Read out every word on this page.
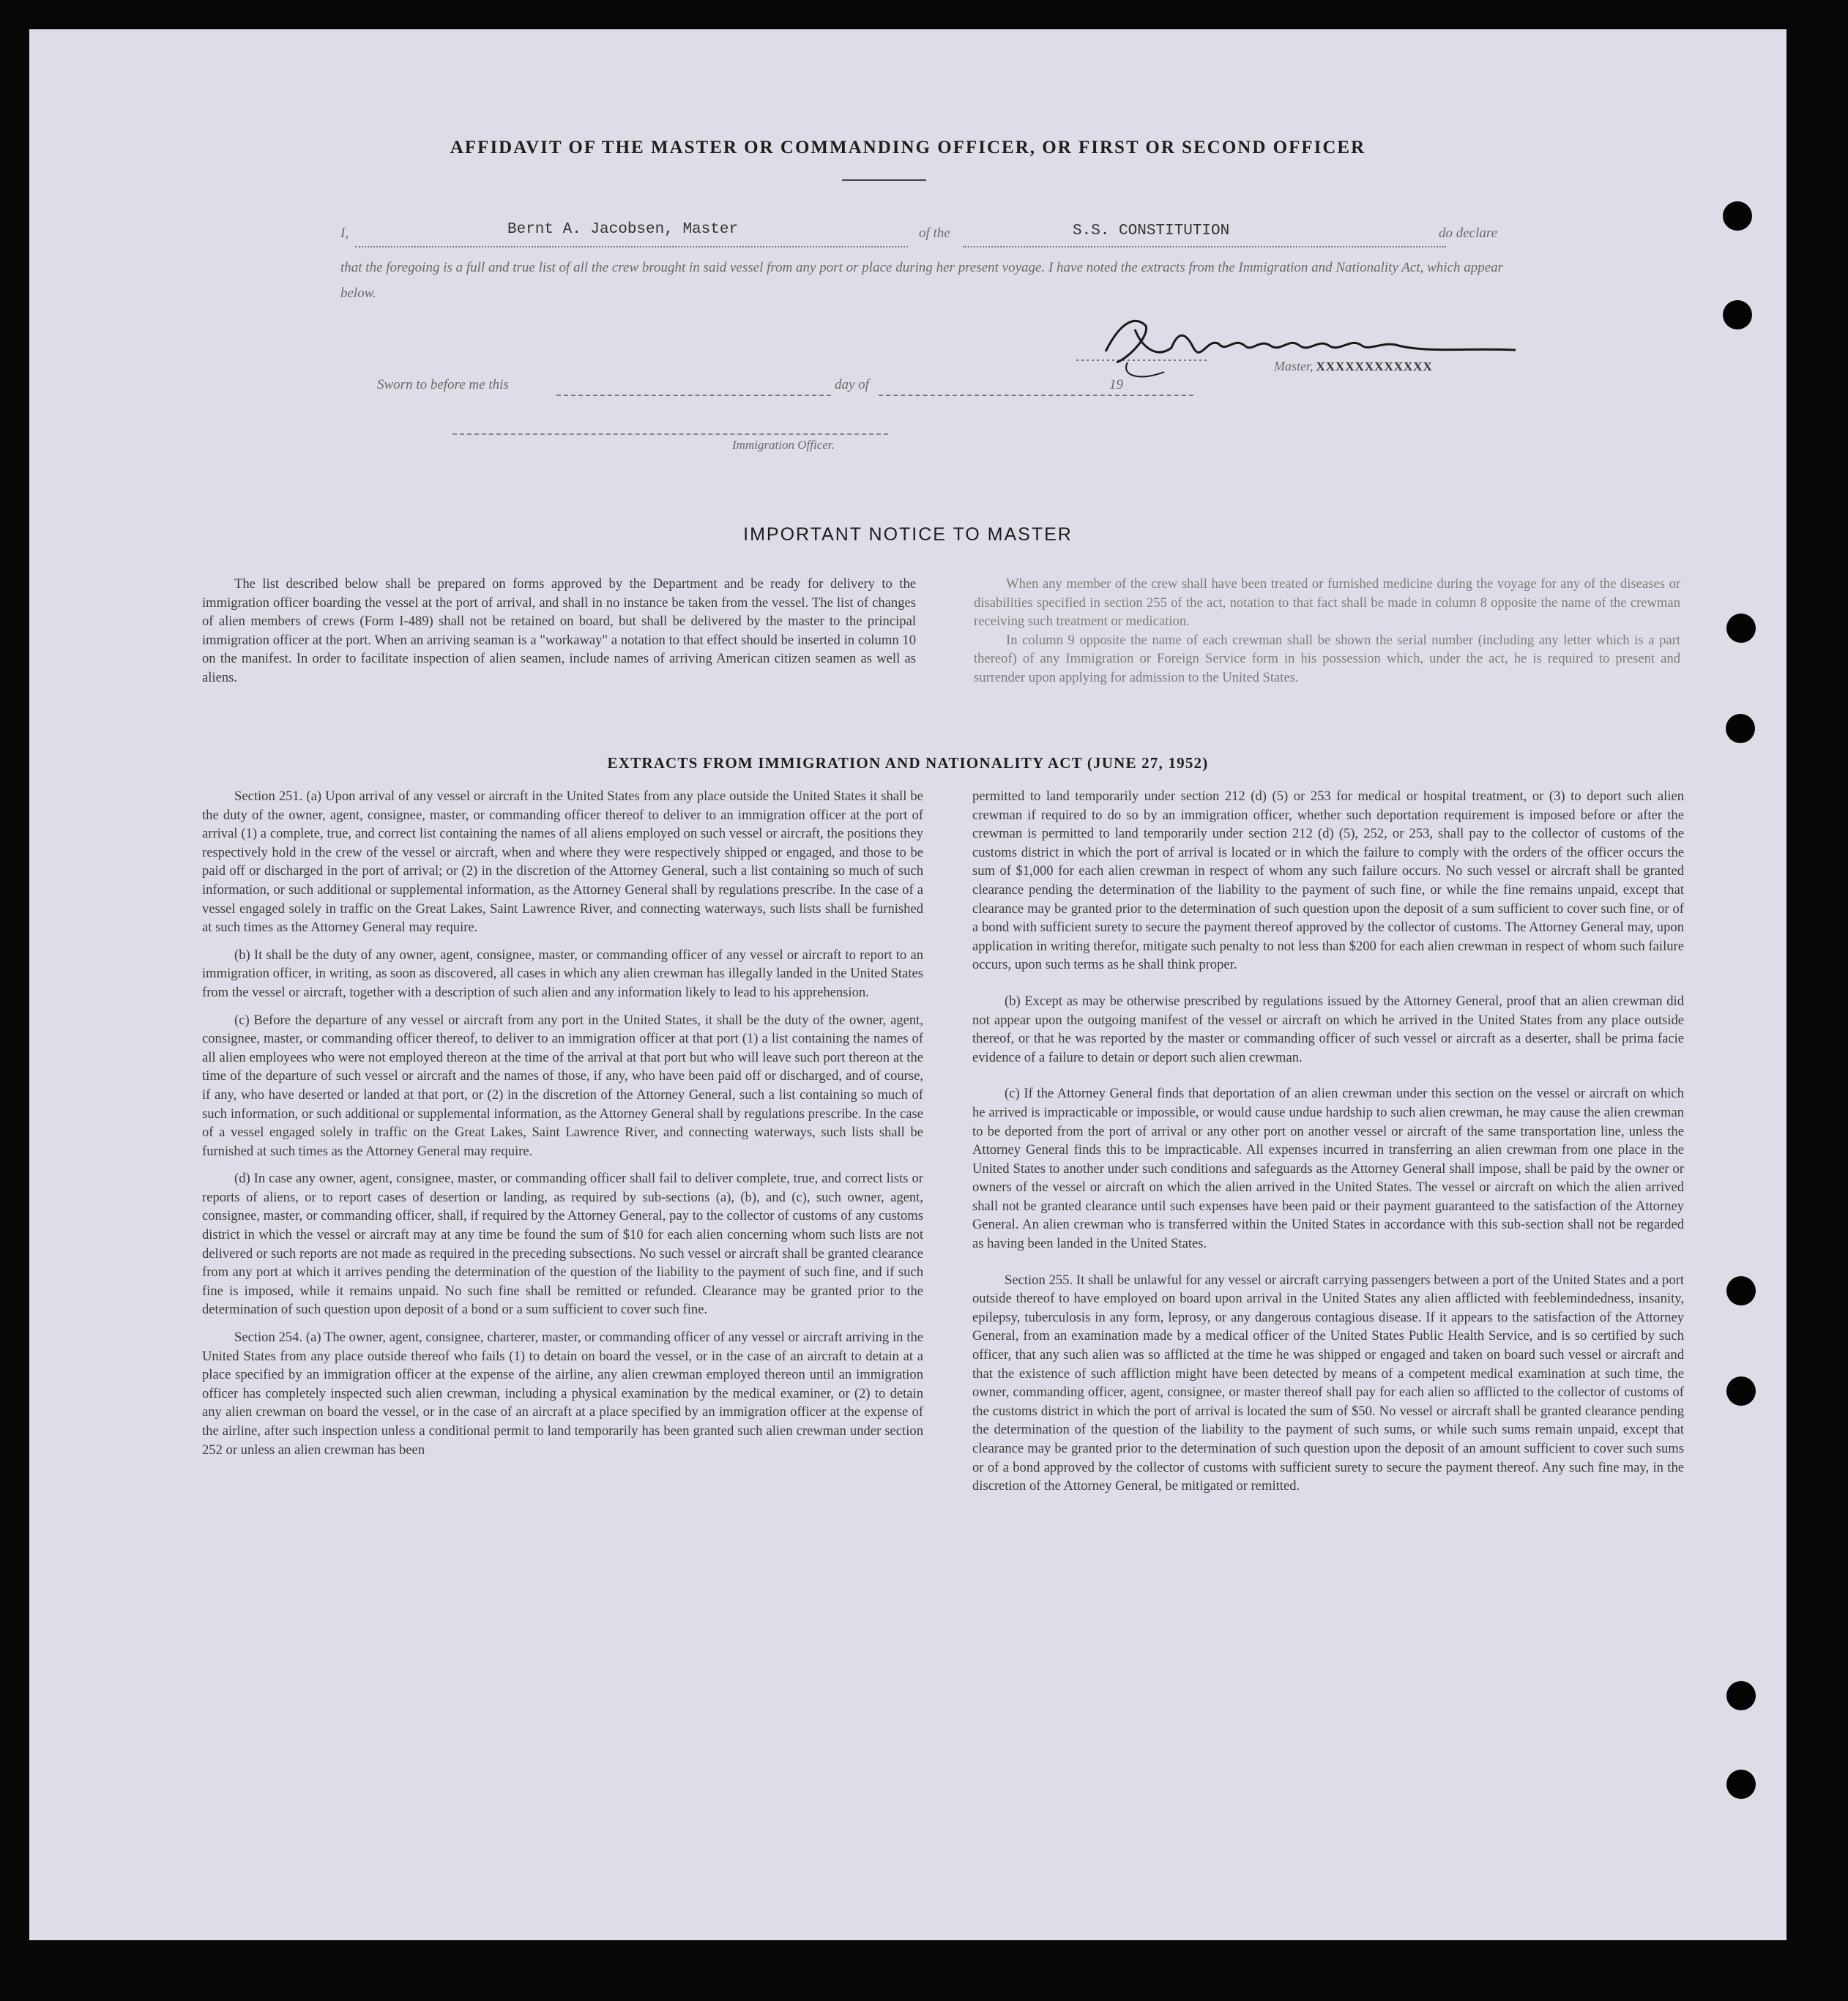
AFFIDAVIT OF THE MASTER OR COMMANDING OFFICER, OR FIRST OR SECOND OFFICER
I,	Bernt A. Jacobsen, Master	of the	S.S. CONSTITUTION	do declare
that the foregoing is a full and true list of all the crew brought in said vessel from any port or place during her present voyage. I have noted the extracts from the Immigration and Nationality Act, which appear below.
Master, XXXXXXXXXXXX
Sworn to before me this	day of	19
Immigration Officer.
IMPORTANT NOTICE TO MASTER

The list described below shall be prepared on forms approved by the Department and be ready for delivery to the immigration officer boarding the vessel at the port of arrival, and shall in no instance be taken from the vessel. The list of changes of alien members of crews (Form I-489) shall not be retained on board, but shall be delivered by the master to the principal immigration officer at the port. When an arriving seaman is a "workaway" a notation to that effect should be inserted in column 10 on the manifest. In order to facilitate inspection of alien seamen, include names of arriving American citizen seamen as well as aliens.

When any member of the crew shall have been treated or furnished medicine during the voyage for any of the diseases or disabilities specified in section 255 of the act, notation to that fact shall be made in column 8 opposite the name of the crewman receiving such treatment or medication.

In column 9 opposite the name of each crewman shall be shown the serial number (including any letter which is a part thereof) of any Immigration or Foreign Service form in his possession which, under the act, he is required to present and surrender upon applying for admission to the United States.

EXTRACTS FROM IMMIGRATION AND NATIONALITY ACT (JUNE 27, 1952)

Section 251. (a) Upon arrival of any vessel or aircraft in the United States from any place outside the United States it shall be the duty of the owner, agent, consignee, master, or commanding officer thereof to deliver to an immigration officer at the port of arrival (1) a complete, true, and correct list containing the names of all aliens employed on such vessel or aircraft, the positions they respectively hold in the crew of the vessel or aircraft, when and where they were respectively shipped or engaged, and those to be paid off or discharged in the port of arrival; or (2) in the discretion of the Attorney General, such a list containing so much of such information, or such additional or supplemental information, as the Attorney General shall by regulations prescribe. In the case of a vessel engaged solely in traffic on the Great Lakes, Saint Lawrence River, and connecting waterways, such lists shall be furnished at such times as the Attorney General may require.

(b) It shall be the duty of any owner, agent, consignee, master, or commanding officer of any vessel or aircraft to report to an immigration officer, in writing, as soon as discovered, all cases in which any alien crewman has illegally landed in the United States from the vessel or aircraft, together with a description of such alien and any information likely to lead to his apprehension.

(c) Before the departure of any vessel or aircraft from any port in the United States, it shall be the duty of the owner, agent, consignee, master, or commanding officer thereof, to deliver to an immigration officer at that port (1) a list containing the names of all alien employees who were not employed thereon at the time of the arrival at that port but who will leave such port thereon at the time of the departure of such vessel or aircraft and the names of those, if any, who have been paid off or discharged, and of course, if any, who have deserted or landed at that port, or (2) in the discretion of the Attorney General, such a list containing so much of such information, or such additional or supplemental information, as the Attorney General shall by regulations prescribe. In the case of a vessel engaged solely in traffic on the Great Lakes, Saint Lawrence River, and connecting waterways, such lists shall be furnished at such times as the Attorney General may require.

(d) In case any owner, agent, consignee, master, or commanding officer shall fail to deliver complete, true, and correct lists or reports of aliens, or to report cases of desertion or landing, as required by sub-sections (a), (b), and (c), such owner, agent, consignee, master, or commanding officer, shall, if required by the Attorney General, pay to the collector of customs of any customs district in which the vessel or aircraft may at any time be found the sum of $10 for each alien concerning whom such lists are not delivered or such reports are not made as required in the preceding subsections. No such vessel or aircraft shall be granted clearance from any port at which it arrives pending the determination of the question of the liability to the payment of such fine, and if such fine is imposed, while it remains unpaid. No such fine shall be remitted or refunded. Clearance may be granted prior to the determination of such question upon deposit of a bond or a sum sufficient to cover such fine.

Section 254. (a) The owner, agent, consignee, charterer, master, or commanding officer of any vessel or aircraft arriving in the United States from any place outside thereof who fails (1) to detain on board the vessel, or in the case of an aircraft to detain at a place specified by an immigration officer at the expense of the airline, any alien crewman employed thereon until an immigration officer has completely inspected such alien crewman, including a physical examination by the medical examiner, or (2) to detain any alien crewman on board the vessel, or in the case of an aircraft at a place specified by an immigration officer at the expense of the airline, after such inspection unless a conditional permit to land temporarily has been granted such alien crewman under section 252 or unless an alien crewman has been

permitted to land temporarily under section 212 (d) (5) or 253 for medical or hospital treatment, or (3) to deport such alien crewman if required to do so by an immigration officer, whether such deportation requirement is imposed before or after the crewman is permitted to land temporarily under section 212 (d) (5), 252, or 253, shall pay to the collector of customs of the customs district in which the port of arrival is located or in which the failure to comply with the orders of the officer occurs the sum of $1,000 for each alien crewman in respect of whom any such failure occurs. No such vessel or aircraft shall be granted clearance pending the determination of the liability to the payment of such fine, or while the fine remains unpaid, except that clearance may be granted prior to the determination of such question upon the deposit of a sum sufficient to cover such fine, or of a bond with sufficient surety to secure the payment thereof approved by the collector of customs. The Attorney General may, upon application in writing therefor, mitigate such penalty to not less than $200 for each alien crewman in respect of whom such failure occurs, upon such terms as he shall think proper.

(b) Except as may be otherwise prescribed by regulations issued by the Attorney General, proof that an alien crewman did not appear upon the outgoing manifest of the vessel or aircraft on which he arrived in the United States from any place outside thereof, or that he was reported by the master or commanding officer of such vessel or aircraft as a deserter, shall be prima facie evidence of a failure to detain or deport such alien crewman.

(c) If the Attorney General finds that deportation of an alien crewman under this section on the vessel or aircraft on which he arrived is impracticable or impossible, or would cause undue hardship to such alien crewman, he may cause the alien crewman to be deported from the port of arrival or any other port on another vessel or aircraft of the same transportation line, unless the Attorney General finds this to be impracticable. All expenses incurred in transferring an alien crewman from one place in the United States to another under such conditions and safeguards as the Attorney General shall impose, shall be paid by the owner or owners of the vessel or aircraft on which the alien arrived in the United States. The vessel or aircraft on which the alien arrived shall not be granted clearance until such expenses have been paid or their payment guaranteed to the satisfaction of the Attorney General. An alien crewman who is transferred within the United States in accordance with this sub-section shall not be regarded as having been landed in the United States.

Section 255. It shall be unlawful for any vessel or aircraft carrying passengers between a port of the United States and a port outside thereof to have employed on board upon arrival in the United States any alien afflicted with feeblemindedness, insanity, epilepsy, tuberculosis in any form, leprosy, or any dangerous contagious disease. If it appears to the satisfaction of the Attorney General, from an examination made by a medical officer of the United States Public Health Service, and is so certified by such officer, that any such alien was so afflicted at the time he was shipped or engaged and taken on board such vessel or aircraft and that the existence of such affliction might have been detected by means of a competent medical examination at such time, the owner, commanding officer, agent, consignee, or master thereof shall pay for each alien so afflicted to the collector of customs of the customs district in which the port of arrival is located the sum of $50. No vessel or aircraft shall be granted clearance pending the determination of the question of the liability to the payment of such sums, or while such sums remain unpaid, except that clearance may be granted prior to the determination of such question upon the deposit of an amount sufficient to cover such sums or of a bond approved by the collector of customs with sufficient surety to secure the payment thereof. Any such fine may, in the discretion of the Attorney General, be mitigated or remitted.
